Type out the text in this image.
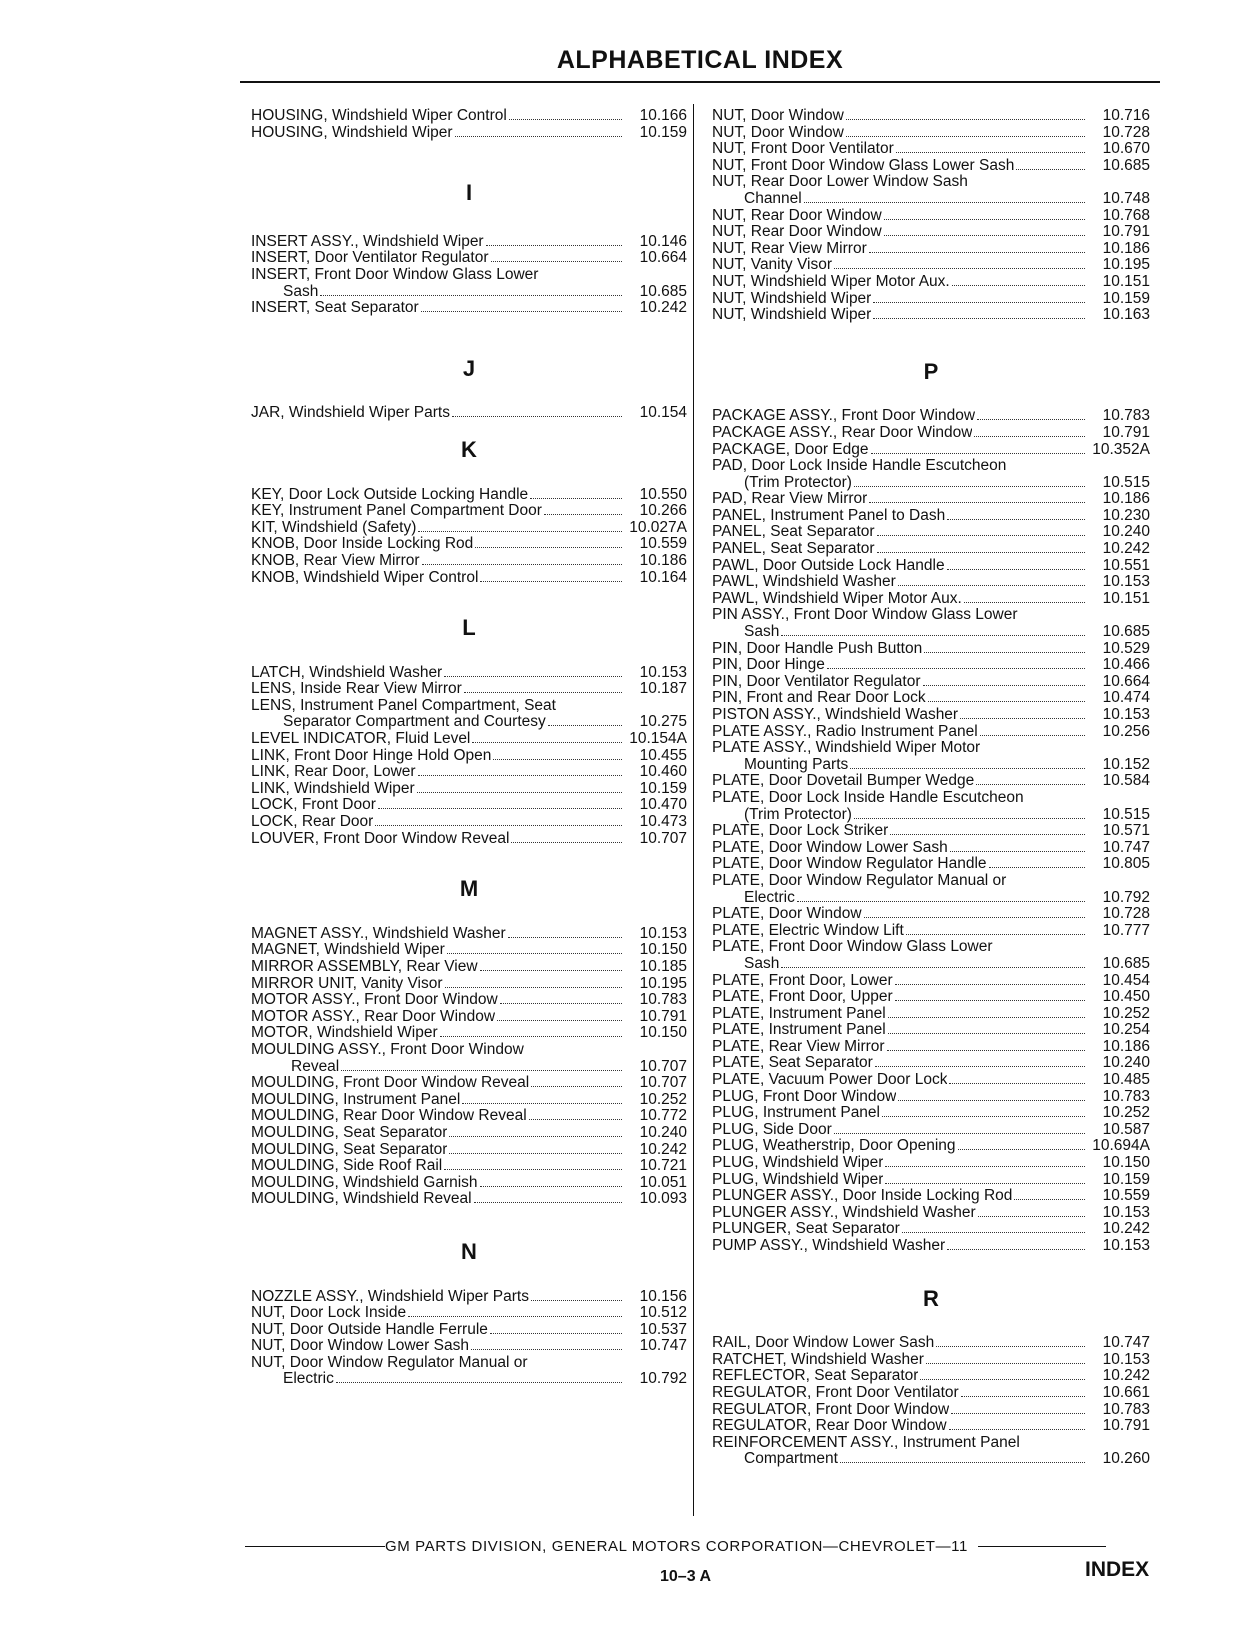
ALPHABETICAL INDEX
HOUSING, Windshield Wiper Control	10.166
HOUSING, Windshield Wiper	10.159
I
INSERT ASSY., Windshield Wiper	10.146
INSERT, Door Ventilator Regulator	10.664
INSERT, Front Door Window Glass Lower
Sash	10.685
INSERT, Seat Separator	10.242
J
JAR, Windshield Wiper Parts	10.154
K
KEY, Door Lock Outside Locking Handle	10.550
KEY, Instrument Panel Compartment Door	10.266
KIT, Windshield (Safety)	10.027A
KNOB, Door Inside Locking Rod	10.559
KNOB, Rear View Mirror	10.186
KNOB, Windshield Wiper Control	10.164
L
LATCH, Windshield Washer	10.153
LENS, Inside Rear View Mirror	10.187
LENS, Instrument Panel Compartment, Seat
Separator Compartment and Courtesy	10.275
LEVEL INDICATOR, Fluid Level	10.154A
LINK, Front Door Hinge Hold Open	10.455
LINK, Rear Door, Lower	10.460
LINK, Windshield Wiper	10.159
LOCK, Front Door	10.470
LOCK, Rear Door	10.473
LOUVER, Front Door Window Reveal	10.707
M
MAGNET ASSY., Windshield Washer	10.153
MAGNET, Windshield Wiper	10.150
MIRROR ASSEMBLY, Rear View	10.185
MIRROR UNIT, Vanity Visor	10.195
MOTOR ASSY., Front Door Window	10.783
MOTOR ASSY., Rear Door Window	10.791
MOTOR, Windshield Wiper	10.150
MOULDING ASSY., Front Door Window
Reveal	10.707
MOULDING, Front Door Window Reveal	10.707
MOULDING, Instrument Panel	10.252
MOULDING, Rear Door Window Reveal	10.772
MOULDING, Seat Separator	10.240
MOULDING, Seat Separator	10.242
MOULDING, Side Roof Rail	10.721
MOULDING, Windshield Garnish	10.051
MOULDING, Windshield Reveal	10.093
N
NOZZLE ASSY., Windshield Wiper Parts	10.156
NUT, Door Lock Inside	10.512
NUT, Door Outside Handle Ferrule	10.537
NUT, Door Window Lower Sash	10.747
NUT, Door Window Regulator Manual or
Electric	10.792
NUT, Door Window	10.716
NUT, Door Window	10.728
NUT, Front Door Ventilator	10.670
NUT, Front Door Window Glass Lower Sash	10.685
NUT, Rear Door Lower Window Sash
Channel	10.748
NUT, Rear Door Window	10.768
NUT, Rear Door Window	10.791
NUT, Rear View Mirror	10.186
NUT, Vanity Visor	10.195
NUT, Windshield Wiper Motor Aux.	10.151
NUT, Windshield Wiper	10.159
NUT, Windshield Wiper	10.163
P
PACKAGE ASSY., Front Door Window	10.783
PACKAGE ASSY., Rear Door Window	10.791
PACKAGE, Door Edge	10.352A
PAD, Door Lock Inside Handle Escutcheon
(Trim Protector)	10.515
PAD, Rear View Mirror	10.186
PANEL, Instrument Panel to Dash	10.230
PANEL, Seat Separator	10.240
PANEL, Seat Separator	10.242
PAWL, Door Outside Lock Handle	10.551
PAWL, Windshield Washer	10.153
PAWL, Windshield Wiper Motor Aux.	10.151
PIN ASSY., Front Door Window Glass Lower
Sash	10.685
PIN, Door Handle Push Button	10.529
PIN, Door Hinge	10.466
PIN, Door Ventilator Regulator	10.664
PIN, Front and Rear Door Lock	10.474
PISTON ASSY., Windshield Washer	10.153
PLATE ASSY., Radio Instrument Panel	10.256
PLATE ASSY., Windshield Wiper Motor
Mounting Parts	10.152
PLATE, Door Dovetail Bumper Wedge	10.584
PLATE, Door Lock Inside Handle Escutcheon
(Trim Protector)	10.515
PLATE, Door Lock Striker	10.571
PLATE, Door Window Lower Sash	10.747
PLATE, Door Window Regulator Handle	10.805
PLATE, Door Window Regulator Manual or
Electric	10.792
PLATE, Door Window	10.728
PLATE, Electric Window Lift	10.777
PLATE, Front Door Window Glass Lower
Sash	10.685
PLATE, Front Door, Lower	10.454
PLATE, Front Door, Upper	10.450
PLATE, Instrument Panel	10.252
PLATE, Instrument Panel	10.254
PLATE, Rear View Mirror	10.186
PLATE, Seat Separator	10.240
PLATE, Vacuum Power Door Lock	10.485
PLUG, Front Door Window	10.783
PLUG, Instrument Panel	10.252
PLUG, Side Door	10.587
PLUG, Weatherstrip, Door Opening	10.694A
PLUG, Windshield Wiper	10.150
PLUG, Windshield Wiper	10.159
PLUNGER ASSY., Door Inside Locking Rod	10.559
PLUNGER ASSY., Windshield Washer	10.153
PLUNGER, Seat Separator	10.242
PUMP ASSY., Windshield Washer	10.153
R
RAIL, Door Window Lower Sash	10.747
RATCHET, Windshield Washer	10.153
REFLECTOR, Seat Separator	10.242
REGULATOR, Front Door Ventilator	10.661
REGULATOR, Front Door Window	10.783
REGULATOR, Rear Door Window	10.791
REINFORCEMENT ASSY., Instrument Panel
Compartment	10.260
GM PARTS DIVISION, GENERAL MOTORS CORPORATION—CHEVROLET—11
10–3 A	INDEX
